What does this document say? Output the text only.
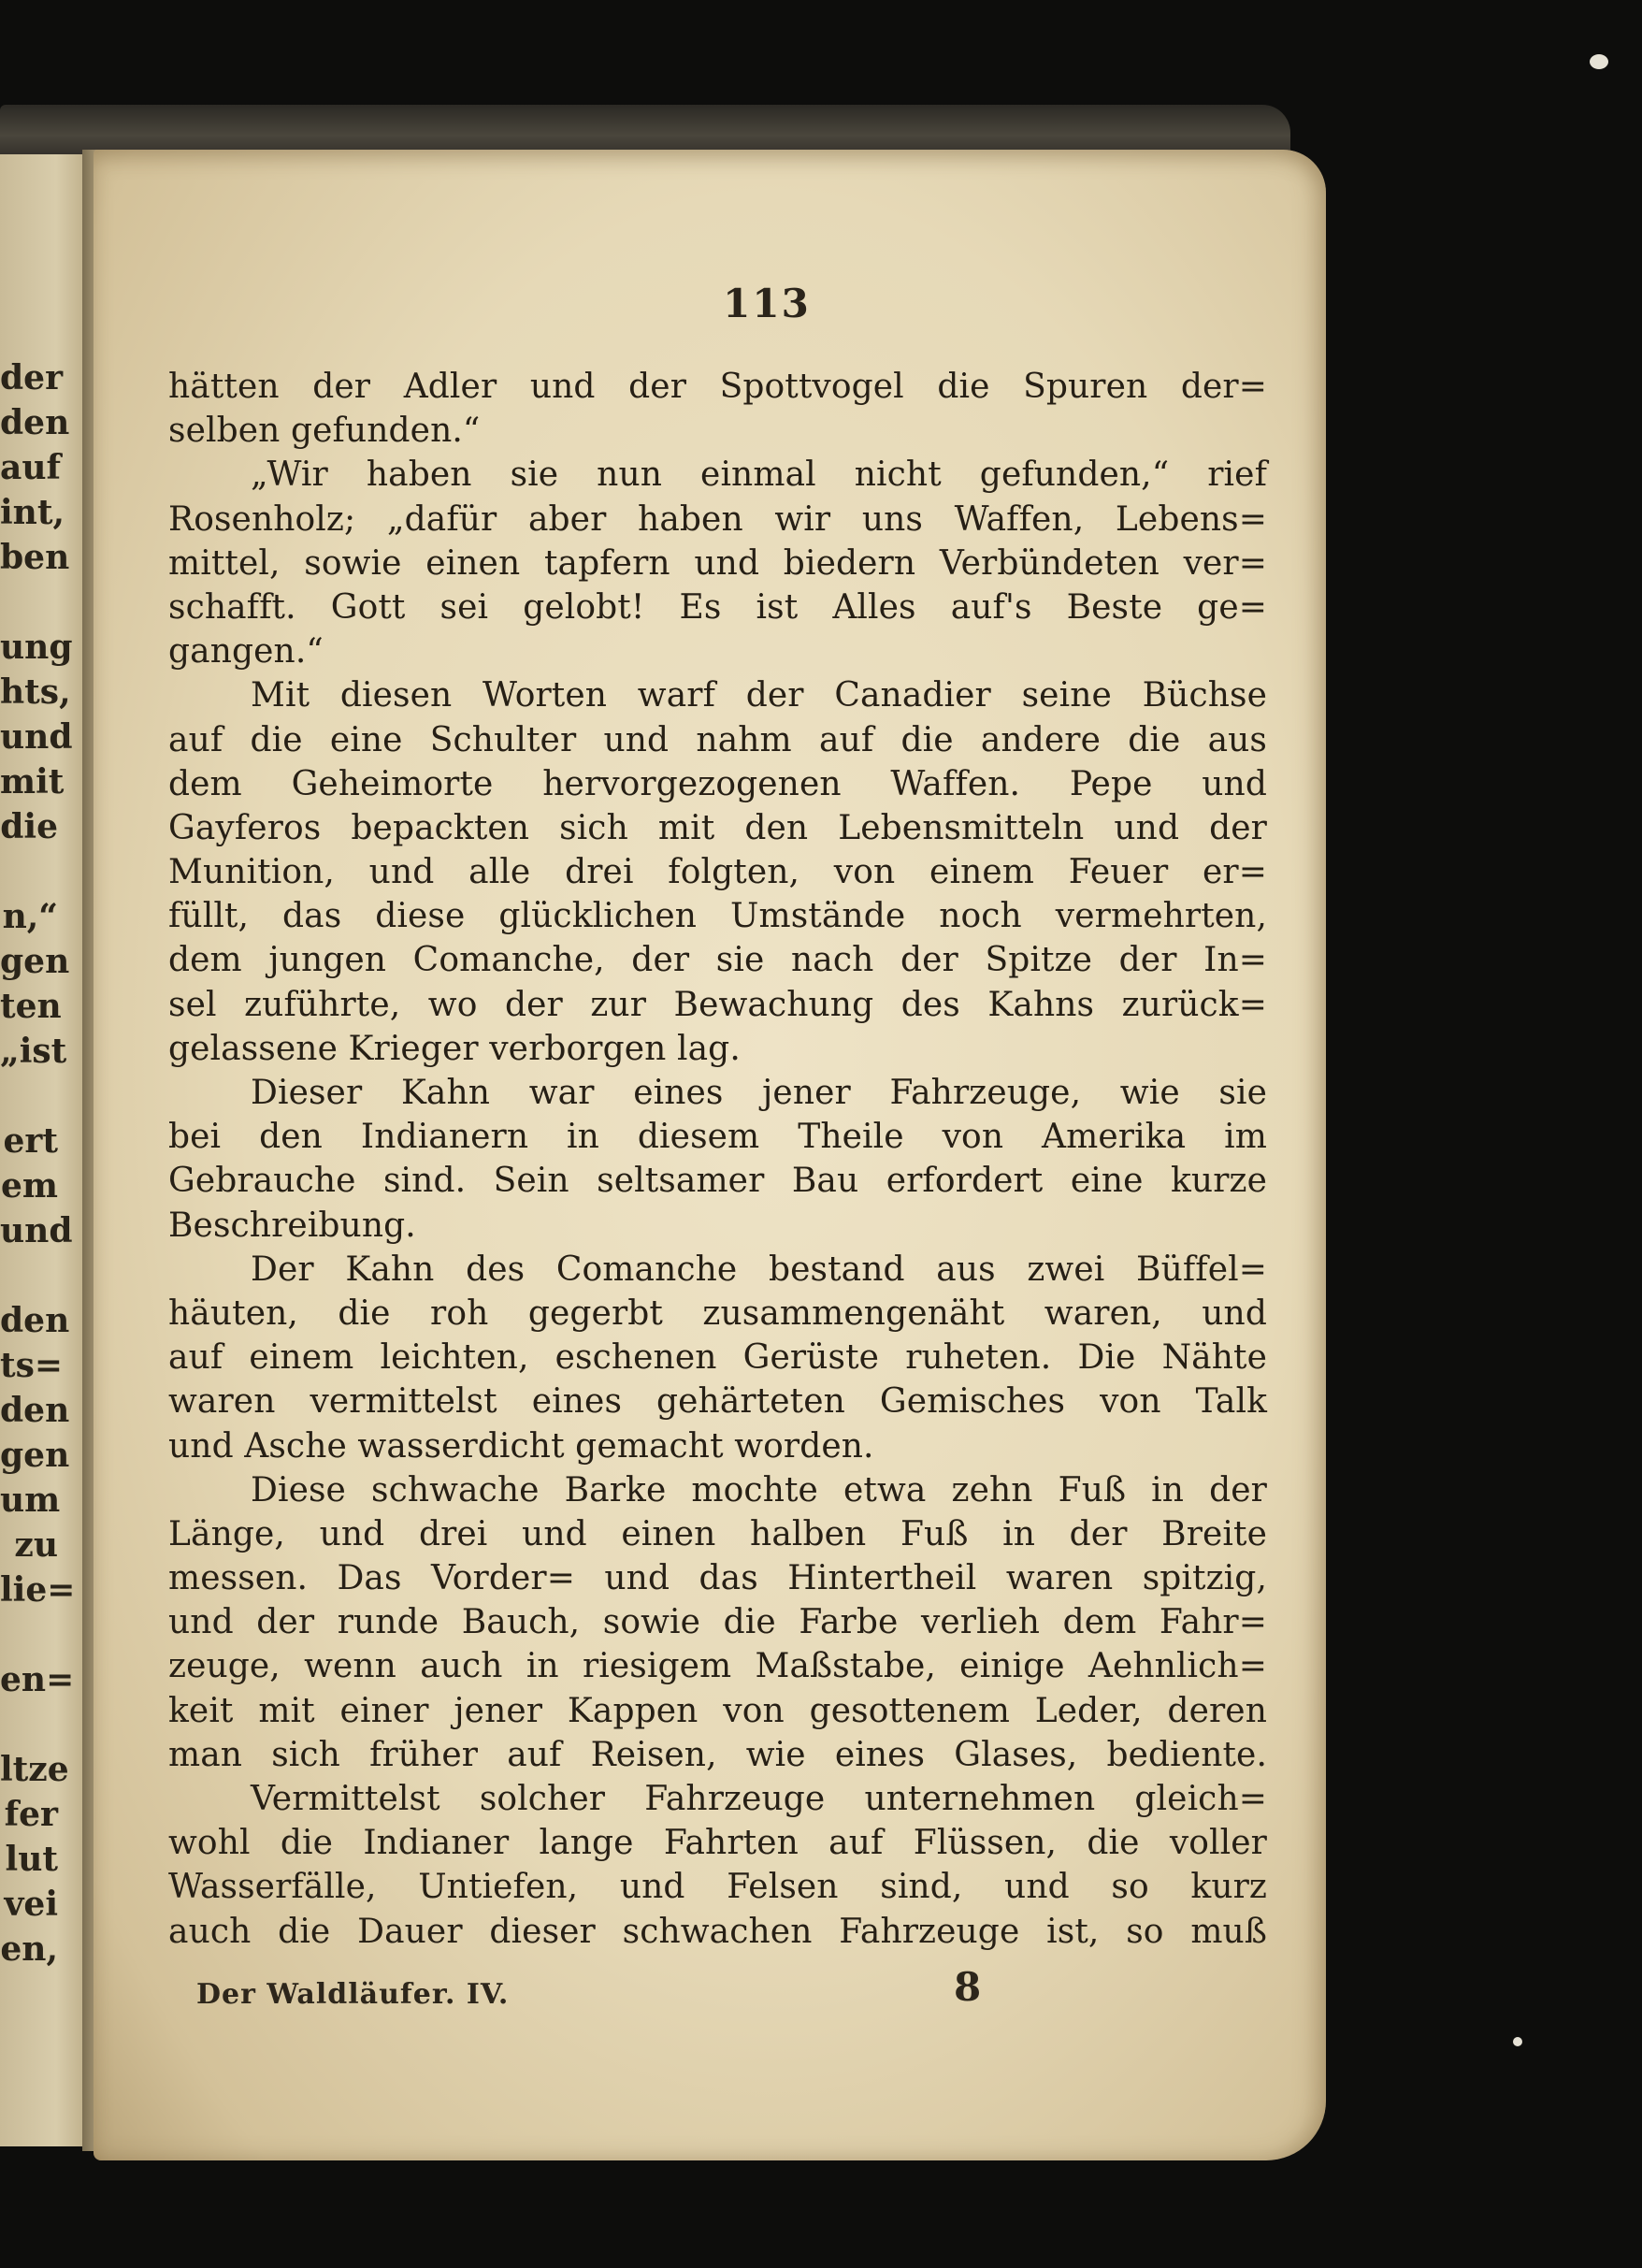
der
den
auf
int,
ben
ung
hts,
und
mit
die
n,“
gen
ten
„ist
ert
em
und
den
ts=
den
gen
um
zu
lie=
en=
ltze
fer
lut
vei
en,
113
hätten der Adler und der Spottvogel die Spuren der=
selben gefunden.“
„Wir haben sie nun einmal nicht gefunden,“ rief
Rosenholz; „dafür aber haben wir uns Waffen, Lebens=
mittel, sowie einen tapfern und biedern Verbündeten ver=
schafft. Gott sei gelobt! Es ist Alles auf's Beste ge=
gangen.“
Mit diesen Worten warf der Canadier seine Büchse
auf die eine Schulter und nahm auf die andere die aus
dem Geheimorte hervorgezogenen Waffen. Pepe und
Gayferos bepackten sich mit den Lebensmitteln und der
Munition, und alle drei folgten, von einem Feuer er=
füllt, das diese glücklichen Umstände noch vermehrten,
dem jungen Comanche, der sie nach der Spitze der In=
sel zuführte, wo der zur Bewachung des Kahns zurück=
gelassene Krieger verborgen lag.
Dieser Kahn war eines jener Fahrzeuge, wie sie
bei den Indianern in diesem Theile von Amerika im
Gebrauche sind. Sein seltsamer Bau erfordert eine kurze
Beschreibung.
Der Kahn des Comanche bestand aus zwei Büffel=
häuten, die roh gegerbt zusammengenäht waren, und
auf einem leichten, eschenen Gerüste ruheten. Die Nähte
waren vermittelst eines gehärteten Gemisches von Talk
und Asche wasserdicht gemacht worden.
Diese schwache Barke mochte etwa zehn Fuß in der
Länge, und drei und einen halben Fuß in der Breite
messen. Das Vorder= und das Hintertheil waren spitzig,
und der runde Bauch, sowie die Farbe verlieh dem Fahr=
zeuge, wenn auch in riesigem Maßstabe, einige Aehnlich=
keit mit einer jener Kappen von gesottenem Leder, deren
man sich früher auf Reisen, wie eines Glases, bediente.
Vermittelst solcher Fahrzeuge unternehmen gleich=
wohl die Indianer lange Fahrten auf Flüssen, die voller
Wasserfälle, Untiefen, und Felsen sind, und so kurz
auch die Dauer dieser schwachen Fahrzeuge ist, so muß
Der Waldläufer. IV.	8
